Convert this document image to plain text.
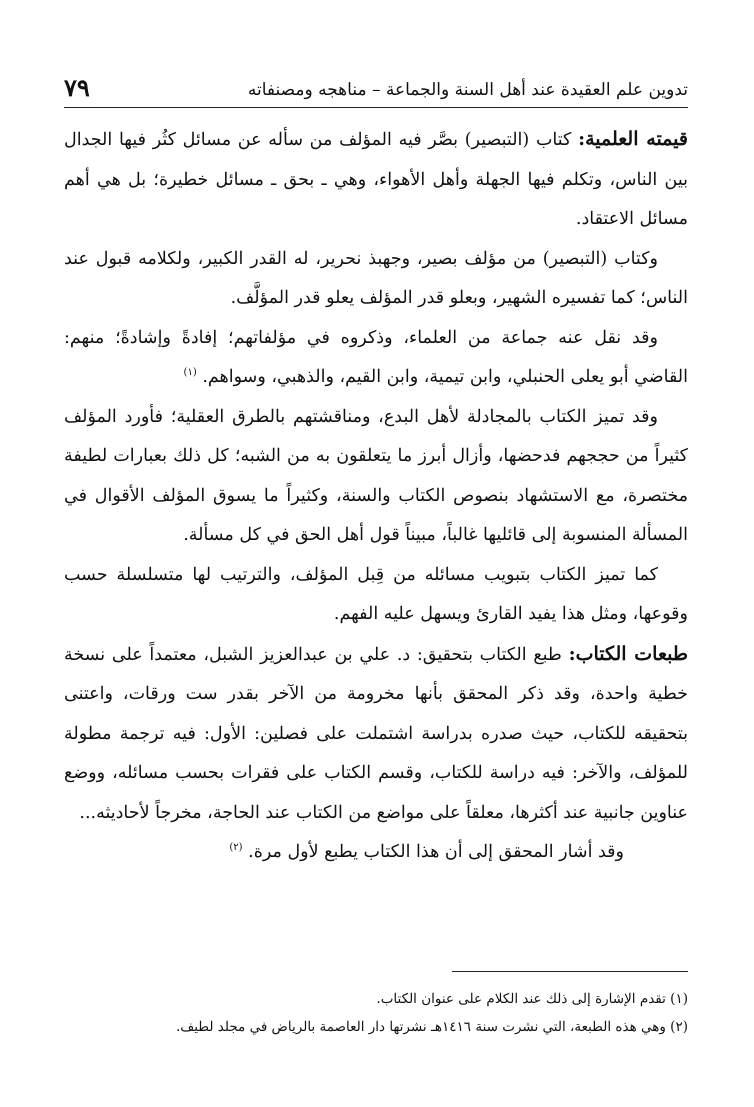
تدوين علم العقيدة عند أهل السنة والجماعة – مناهجه ومصنفاته
٧٩

قيمته العلمية: كتاب (التبصير) بصَّر فيه المؤلف من سأله عن مسائل كثُر فيها الجدال بين الناس، وتكلم فيها الجهلة وأهل الأهواء، وهي ـ بحق ـ مسائل خطيرة؛ بل هي أهم مسائل الاعتقاد.

وكتاب (التبصير) من مؤلف بصير، وجهبذ نحرير، له القدر الكبير، ولكلامه قبول عند الناس؛ كما تفسيره الشهير، وبعلو قدر المؤلف يعلو قدر المؤلَّف.

وقد نقل عنه جماعة من العلماء، وذكروه في مؤلفاتهم؛ إفادةً وإشادةً؛ منهم: القاضي أبو يعلى الحنبلي، وابن تيمية، وابن القيم، والذهبي، وسواهم. $^{(١)}$

وقد تميز الكتاب بالمجادلة لأهل البدع، ومناقشتهم بالطرق العقلية؛ فأورد المؤلف كثيراً من حججهم فدحضها، وأزال أبرز ما يتعلقون به من الشبه؛ كل ذلك بعبارات لطيفة مختصرة، مع الاستشهاد بنصوص الكتاب والسنة، وكثيراً ما يسوق المؤلف الأقوال في المسألة المنسوبة إلى قائليها غالباً، مبيناً قول أهل الحق في كل مسألة.

كما تميز الكتاب بتبويب مسائله من قِبل المؤلف، والترتيب لها متسلسلة حسب وقوعها، ومثل هذا يفيد القارئ ويسهل عليه الفهم.

طبعات الكتاب: طبع الكتاب بتحقيق: د. علي بن عبدالعزيز الشبل، معتمداً على نسخة خطية واحدة، وقد ذكر المحقق بأنها مخرومة من الآخر بقدر ست ورقات، واعتنى بتحقيقه للكتاب، حيث صدره بدراسة اشتملت على فصلين: الأول: فيه ترجمة مطولة للمؤلف، والآخر: فيه دراسة للكتاب، وقسم الكتاب على فقرات بحسب مسائله، ووضع عناوين جانبية عند أكثرها، معلقاً على مواضع من الكتاب عند الحاجة، مخرجاً لأحاديثه...

وقد أشار المحقق إلى أن هذا الكتاب يطبع لأول مرة. $^{(٢)}$

(١) تقدم الإشارة إلى ذلك عند الكلام على عنوان الكتاب.

(٢) وهي هذه الطبعة، التي نشرت سنة ١٤١٦هـ نشرتها دار العاصمة بالرياض في مجلد لطيف.
